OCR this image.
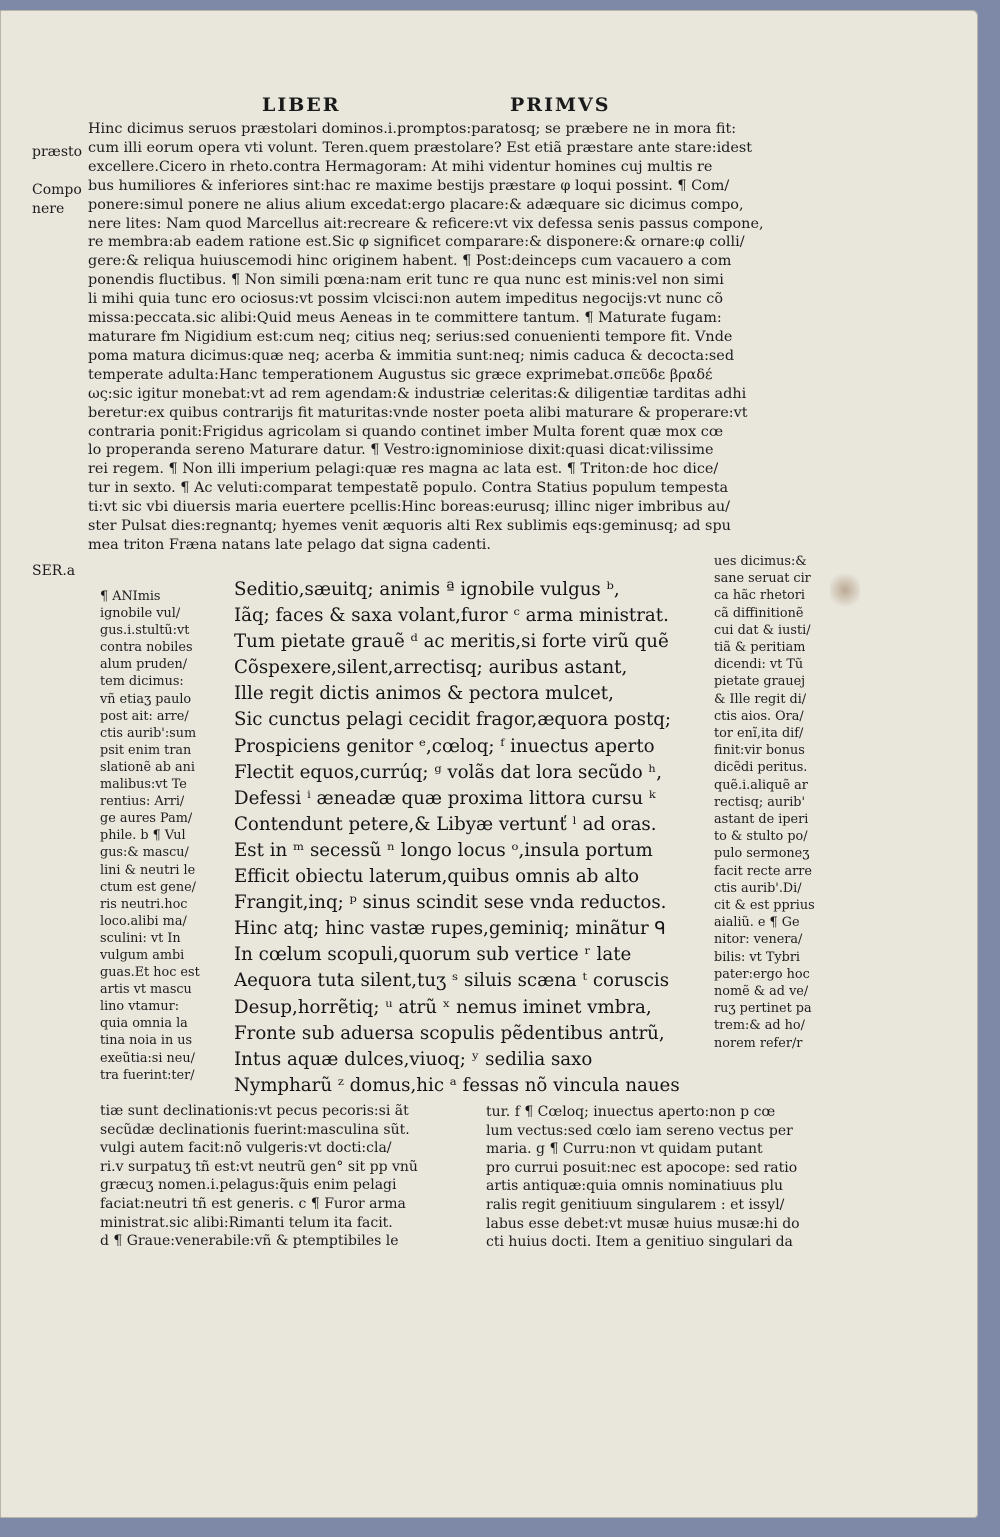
LIBER	PRIMVS
præsto
Compo
nere
Hinc dicimus seruos præstolari dominos.i.promptos:paratosq; se præbere ne in mora fit:
cum illi eorum opera vti volunt. Teren.quem præstolare? Est etiã præstare ante stare:idest
excellere.Cicero in rheto.contra Hermagoram: At mihi videntur homines cuj multis re
bus humiliores & inferiores sint:hac re maxime bestijs præstare φ loqui possint. ¶ Com/
ponere:simul ponere ne alius alium excedat:ergo placare:& adæquare sic dicimus compo,
nere lites: Nam quod Marcellus ait:recreare & reficere:vt vix defessa senis passus compone,
re membra:ab eadem ratione est.Sic φ significet comparare:& disponere:& ornare:φ colli/
gere:& reliqua huiuscemodi hinc originem habent. ¶ Post:deinceps cum vacauero a com
ponendis fluctibus. ¶ Non simili pœna:nam erit tunc re qua nunc est minis:vel non simi
li mihi quia tunc ero ociosus:vt possim vlcisci:non autem impeditus negocijs:vt nunc cõ
missa:peccata.sic alibi:Quid meus Aeneas in te committere tantum. ¶ Maturate fugam:
maturare fm Nigidium est:cum neq; citius neq; serius:sed conuenienti tempore fit. Vnde
poma matura dicimus:quæ neq; acerba & immitia sunt:neq; nimis caduca & decocta:sed
temperate adulta:Hanc temperationem Augustus sic græce exprimebat.σπεῦδε βραδέ
ως:sic igitur monebat:vt ad rem agendam:& industriæ celeritas:& diligentiæ tarditas adhi
beretur:ex quibus contrarijs fit maturitas:vnde noster poeta alibi maturare & properare:vt
contraria ponit:Frigidus agricolam si quando continet imber Multa forent quæ mox cœ
lo properanda sereno Maturare datur. ¶ Vestro:ignominiose dixit:quasi dicat:vilissime
rei regem. ¶ Non illi imperium pelagi:quæ res magna ac lata est. ¶ Triton:de hoc dice/
tur in sexto. ¶ Ac veluti:comparat tempestatẽ populo. Contra Statius populum tempesta
ti:vt sic vbi diuersis maria euertere pcellis:Hinc boreas:eurusq; illinc niger imbribus au/
ster Pulsat dies:regnantq; hyemes venit æquoris alti Rex sublimis eqs:geminusq; ad spu
mea triton Fræna natans late pelago dat signa cadenti.
SER.a
¶ ANImis
ignobile vul/
gus.i.stultũ:vt
contra nobiles
alum pruden/
tem dicimus:
vñ etiaʒ paulo
post ait: arre/
ctis aurib':sum
psit enim tran
slationẽ ab ani
malibus:vt Te
rentius: Arri/
ge aures Pam/
phile. b ¶ Vul
gus:& mascu/
lini & neutri le
ctum est gene/
ris neutri.hoc
loco.alibi ma/
sculini: vt In
vulgum ambi
guas.Et hoc est
artis vt mascu
lino vtamur:
quia omnia la
tina noia in us
exeũtia:si neu/
tra fuerint:ter/
Seditio,sæuitq; animis ª ignobile vulgus ᵇ,
Iãq; faces & saxa volant,furor ᶜ arma ministrat.
Tum pietate grauẽ ᵈ ac meritis,si forte virũ quẽ
Cõspexere,silent,arrectisq; auribus astant,
Ille regit dictis animos & pectora mulcet,
Sic cunctus pelagi cecidit fragor,æquora postq;
Prospiciens genitor ᵉ,cœloq; ᶠ inuectus aperto
Flectit equos,currúq; ᵍ volãs dat lora secũdo ʰ,
Defessi ⁱ æneadæ quæ proxima littora cursu ᵏ
Contendunt petere,& Libyæ vertunť ˡ ad oras.
Est in ᵐ secessũ ⁿ longo locus ᵒ,insula portum
Efficit obiectu laterum,quibus omnis ab alto
Frangit,inq; ᵖ sinus scindit sese vnda reductos.
Hinc atq; hinc vastæ rupes,geminiq; minãtur ᑫ
In cœlum scopuli,quorum sub vertice ʳ late
Aequora tuta silent,tuʒ ˢ siluis scæna ᵗ coruscis
Desup,horrẽtiq; ᵘ atrũ ˣ nemus iminet vmbra,
Fronte sub aduersa scopulis pẽdentibus antrũ,
Intus aquæ dulces,viuoq; ʸ sedilia saxo
Nympharũ ᶻ domus,hic ᵃ fessas nõ vincula naues
ues dicimus:&
sane seruat cir
ca hãc rhetori
cã diffinitionẽ
cui dat & iusti/
tiã & peritiam
dicendi: vt Tũ
pietate grauej
& Ille regit di/
ctis aios. Ora/
tor enĩ,ita dif/
finit:vir bonus
dicẽdi peritus.
quẽ.i.aliquẽ ar
rectisq; aurib'
astant de iperi
to & stulto po/
pulo sermoneʒ
facit recte arre
ctis aurib'.Di/
cit & est pprius
aialiũ. e ¶ Ge
nitor: venera/
bilis: vt Tybri
pater:ergo hoc
nomẽ & ad ve/
ruʒ pertinet pa
trem:& ad ho/
norem refer/r
tiæ sunt declinationis:vt pecus pecoris:si ãt
secũdæ declinationis fuerint:masculina sũt.
vulgi autem facit:nõ vulgeris:vt docti:cla/
ri.v surpatuʒ tñ est:vt neutrũ gen° sit pp vnũ
græcuʒ nomen.i.pelagus:q̃uis enim pelagi
faciat:neutri tñ est generis. c ¶ Furor arma
ministrat.sic alibi:Rimanti telum ita facit.
d ¶ Graue:venerabile:vñ & ptemptibiles le
tur. f ¶ Cœloq; inuectus aperto:non p cœ
lum vectus:sed cœlo iam sereno vectus per
maria. g ¶ Curru:non vt quidam putant
pro currui posuit:nec est apocope: sed ratio
artis antiquæ:quia omnis nominatiuus plu
ralis regit genitiuum singularem : et issyl/
labus esse debet:vt musæ huius musæ:hi do
cti huius docti. Item a genitiuo singulari da
